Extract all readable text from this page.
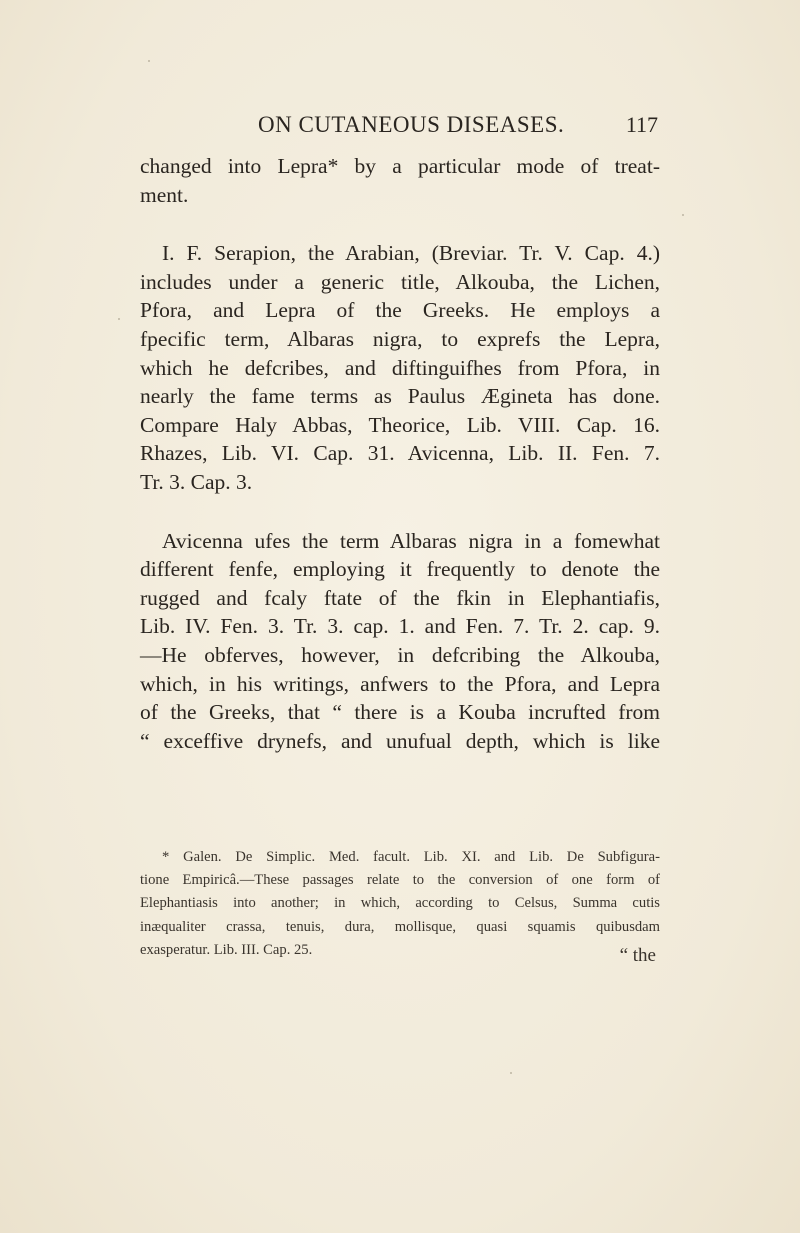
ON CUTANEOUS DISEASES.	117
changed into Lepra* by a particular mode of treat-
ment.
I. F. Serapion, the Arabian, (Breviar. Tr. V. Cap. 4.)
includes under a generic title, Alkouba, the Lichen,
Pfora, and Lepra of the Greeks. He employs a
fpecific term, Albaras nigra, to exprefs the Lepra,
which he defcribes, and diftinguifhes from Pfora, in
nearly the fame terms as Paulus Ægineta has done.
Compare Haly Abbas, Theorice, Lib. VIII. Cap. 16.
Rhazes, Lib. VI. Cap. 31. Avicenna, Lib. II. Fen. 7.
Tr. 3. Cap. 3.
Avicenna ufes the term Albaras nigra in a fomewhat
different fenfe, employing it frequently to denote the
rugged and fcaly ftate of the fkin in Elephantiafis,
Lib. IV. Fen. 3. Tr. 3. cap. 1. and Fen. 7. Tr. 2. cap. 9.
—He obferves, however, in defcribing the Alkouba,
which, in his writings, anfwers to the Pfora, and Lepra
of the Greeks, that “ there is a Kouba incrufted from
“ exceffive drynefs, and unufual depth, which is like
* Galen. De Simplic. Med. facult. Lib. XI. and Lib. De Subfigura-
tione Empiricâ.—These passages relate to the conversion of one form of
Elephantiasis into another; in which, according to Celsus, Summa cutis
inæqualiter crassa, tenuis, dura, mollisque, quasi squamis quibusdam
exasperatur. Lib. III. Cap. 25.	“ the
